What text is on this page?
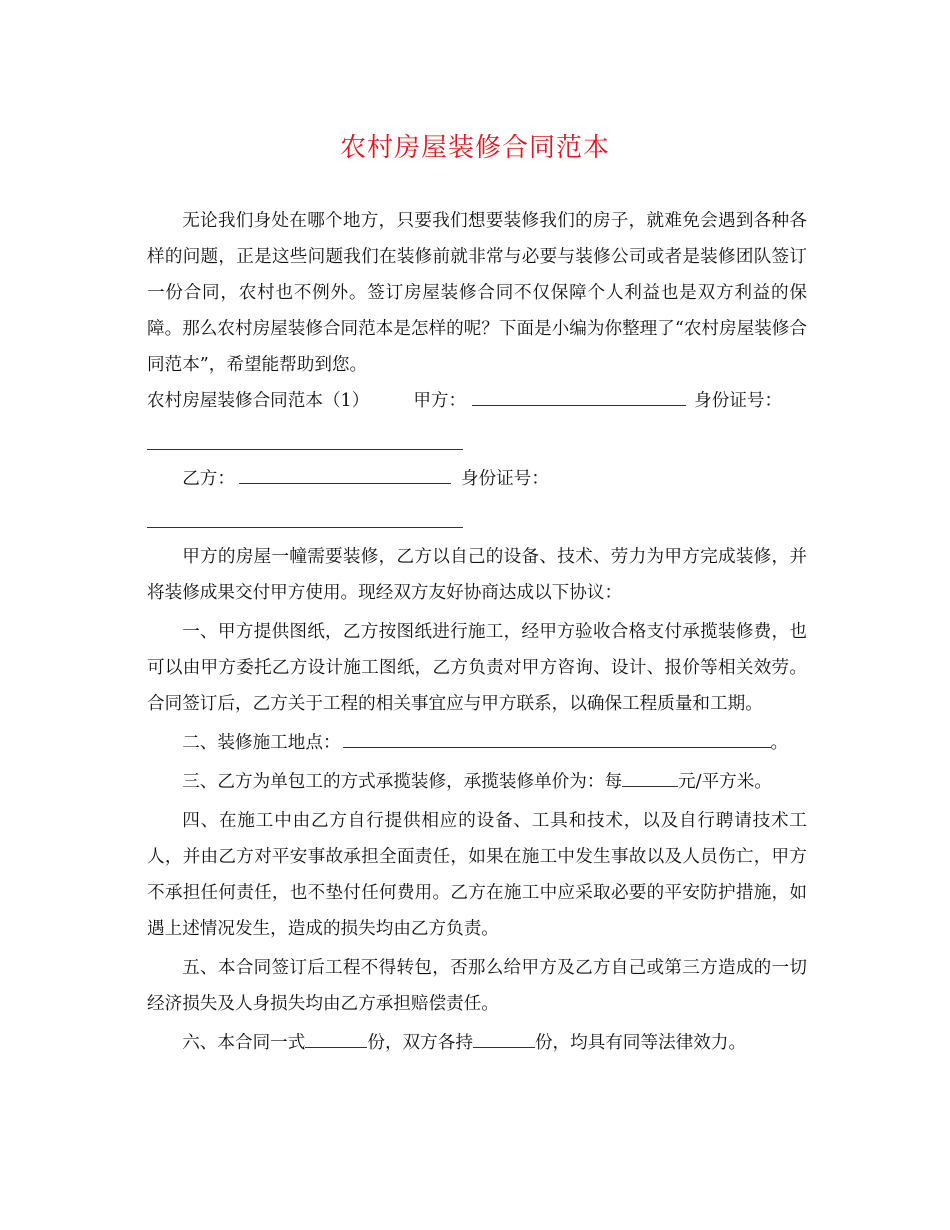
农村房屋装修合同范本

无论我们身处在哪个地方，只要我们想要装修我们的房子，就难免会遇到各种各样的问题，正是这些问题我们在装修前就非常与必要与装修公司或者是装修团队签订一份合同，农村也不例外。签订房屋装修合同不仅保障个人利益也是双方利益的保障。那么农村房屋装修合同范本是怎样的呢？下面是小编为你整理了“农村房屋装修合同范本”，希望能帮助到您。

农村房屋装修合同范本（1）	甲方：	身份证号：

乙方：	身份证号：

甲方的房屋一幢需要装修，乙方以自己的设备、技术、劳力为甲方完成装修，并将装修成果交付甲方使用。现经双方友好协商达成以下协议：

一、甲方提供图纸，乙方按图纸进行施工，经甲方验收合格支付承揽装修费，也可以由甲方委托乙方设计施工图纸，乙方负责对甲方咨询、设计、报价等相关效劳。合同签订后，乙方关于工程的相关事宜应与甲方联系，以确保工程质量和工期。

二、装修施工地点：	。

三、乙方为单包工的方式承揽装修，承揽装修单价为：每	元/平方米。

四、在施工中由乙方自行提供相应的设备、工具和技术，以及自行聘请技术工人，并由乙方对平安事故承担全面责任，如果在施工中发生事故以及人员伤亡，甲方不承担任何责任，也不垫付任何费用。乙方在施工中应采取必要的平安防护措施，如遇上述情况发生，造成的损失均由乙方负责。

五、本合同签订后工程不得转包，否那么给甲方及乙方自己或第三方造成的一切经济损失及人身损失均由乙方承担赔偿责任。

六、本合同一式	份，双方各持	份，均具有同等法律效力。
